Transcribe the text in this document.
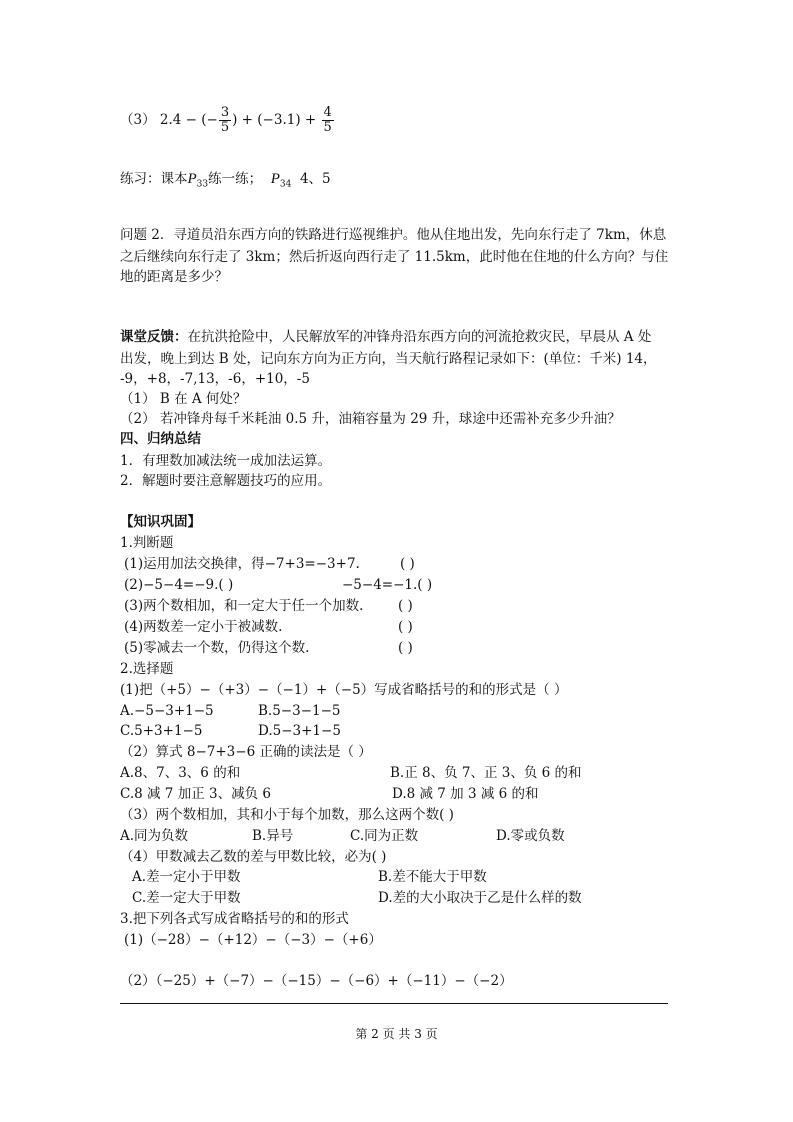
（3） 2.4 − (− $\frac{3}{5}$ ) + $(-3.1) + \frac{4}{5}$
练习：课本$P_{33}$练一练； $P_{34}$ 4、5
问题 2．寻道员沿东西方向的铁路进行巡视维护。他从住地出发，先向东行走了 7km，休息
之后继续向东行走了 3km；然后折返向西行走了 11.5km，此时他在住地的什么方向？与住
地的距离是多少？
课堂反馈：在抗洪抢险中，人民解放军的冲锋舟沿东西方向的河流抢救灾民，早晨从 A 处
出发，晚上到达 B 处，记向东方向为正方向，当天航行路程记录如下：(单位：千米) 14，
-9，+8，-7,13，-6，+10，-5
（1） B 在 A 何处？
（2） 若冲锋舟每千米耗油 0.5 升，油箱容量为 29 升，球途中还需补充多少升油？
四、归纳总结
1．有理数加减法统一成加法运算。
2．解题时要注意解题技巧的应用。
【知识巩固】
1.判断题
(1)运用加法交换律，得−7+3=−3+7.	( )
(2)−5−4=−9.( )	−5−4=−1.( )
(3)两个数相加，和一定大于任一个加数.	( )
(4)两数差一定小于被减数.	( )
(5)零减去一个数，仍得这个数.	( )
2.选择题
(1)把（+5）−（+3）−（−1）+（−5）写成省略括号的和的形式是（ ）
A.−5−3+1−5	B.5−3−1−5
C.5+3+1−5	D.5−3+1−5
（2）算式 8−7+3−6 正确的读法是（ ）
A.8、7、3、6 的和	B.正 8、负 7、正 3、负 6 的和
C.8 减 7 加正 3、减负 6	D.8 减 7 加 3 减 6 的和
（3）两个数相加，其和小于每个加数，那么这两个数( )
A.同为负数	B.异号	C.同为正数	D.零或负数
（4）甲数减去乙数的差与甲数比较，必为( )
A.差一定小于甲数	B.差不能大于甲数
C.差一定大于甲数	D.差的大小取决于乙是什么样的数
3.把下列各式写成省略括号的和的形式
(1)（−28）−（+12）−（−3）−（+6）
（2）（−25）+（−7）−（−15）−（−6）+（−11）−（−2）
第 2 页 共 3 页
